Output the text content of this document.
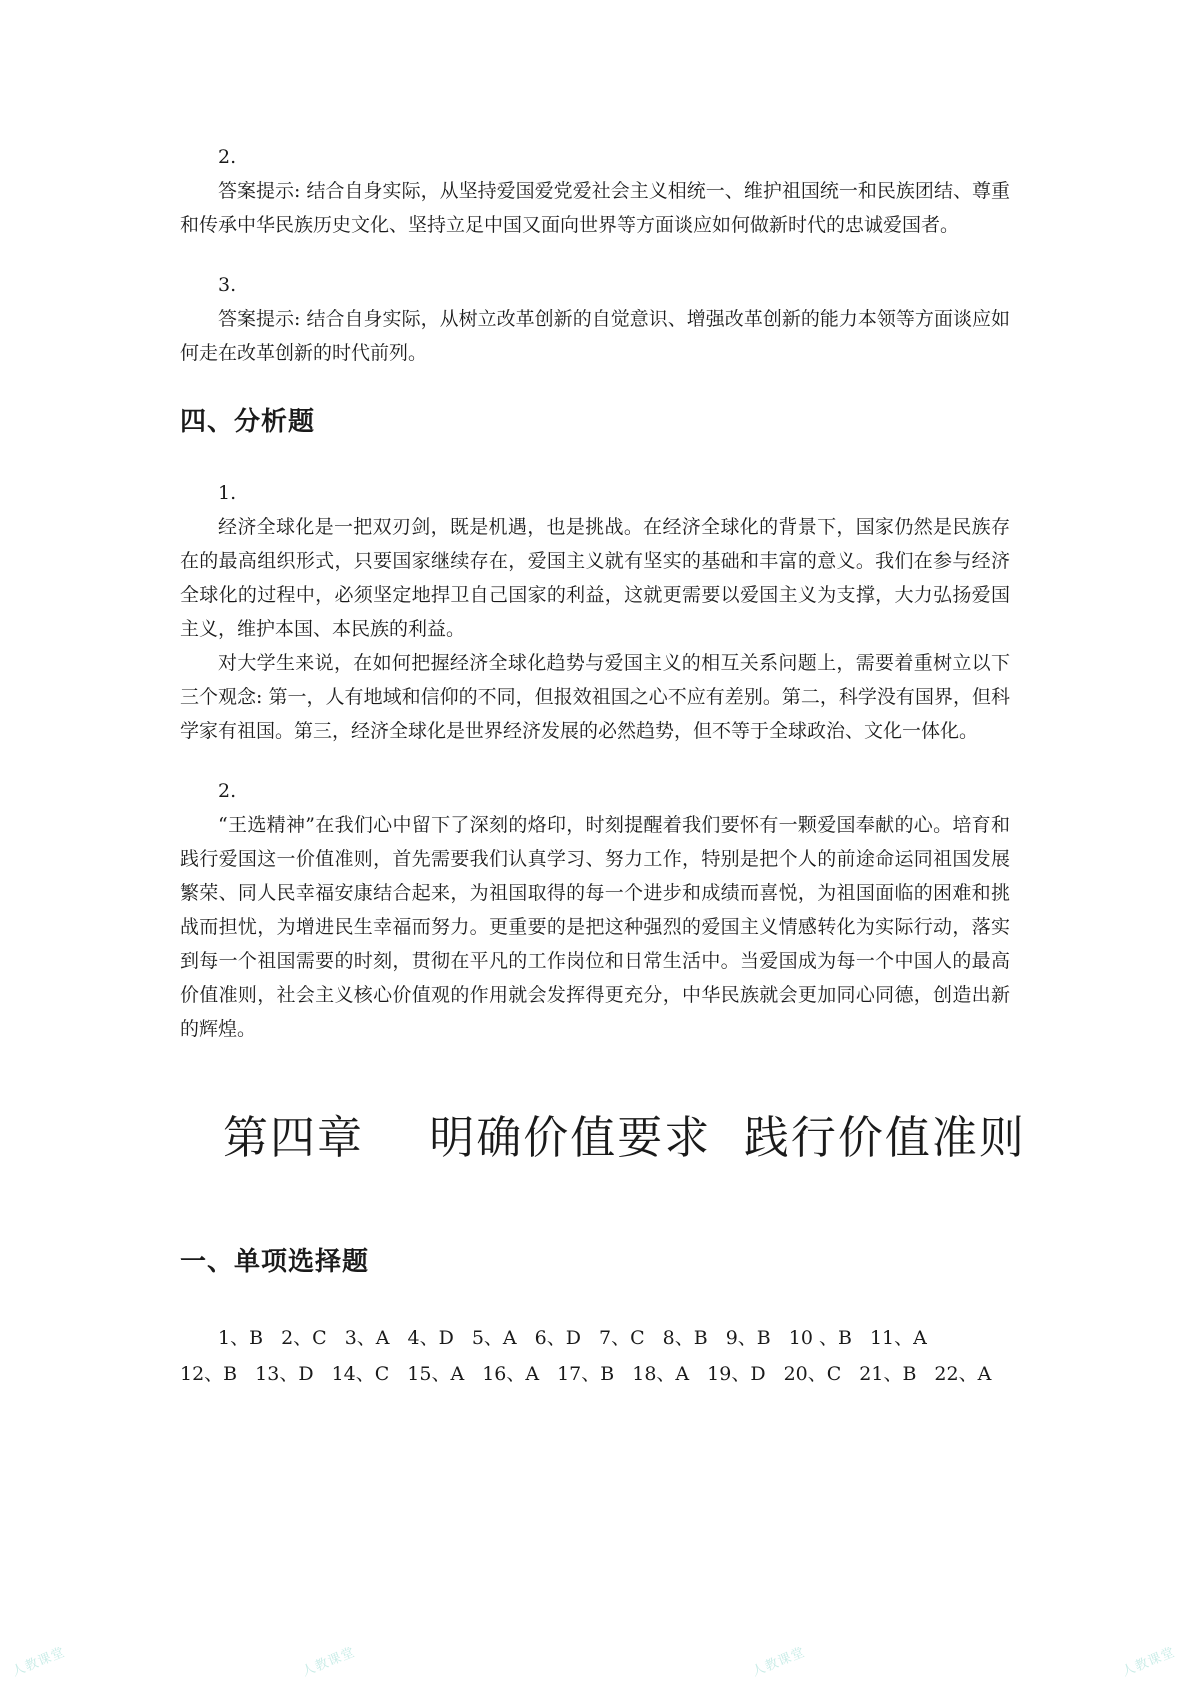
2.

答案提示: 结合自身实际，从坚持爱国爱党爱社会主义相统一、维护祖国统一和民族团结、尊重和传承中华民族历史文化、坚持立足中国又面向世界等方面谈应如何做新时代的忠诚爱国者。

3.

答案提示: 结合自身实际，从树立改革创新的自觉意识、增强改革创新的能力本领等方面谈应如何走在改革创新的时代前列。

四、分析题

1.

经济全球化是一把双刃剑，既是机遇，也是挑战。在经济全球化的背景下，国家仍然是民族存在的最高组织形式，只要国家继续存在，爱国主义就有坚实的基础和丰富的意义。我们在参与经济全球化的过程中，必须坚定地捍卫自己国家的利益，这就更需要以爱国主义为支撑，大力弘扬爱国主义，维护本国、本民族的利益。

对大学生来说，在如何把握经济全球化趋势与爱国主义的相互关系问题上，需要着重树立以下三个观念: 第一，人有地域和信仰的不同，但报效祖国之心不应有差别。第二，科学没有国界，但科学家有祖国。第三，经济全球化是世界经济发展的必然趋势，但不等于全球政治、文化一体化。

2.

“王选精神”在我们心中留下了深刻的烙印，时刻提醒着我们要怀有一颗爱国奉献的心。培育和践行爱国这一价值准则，首先需要我们认真学习、努力工作，特别是把个人的前途命运同祖国发展繁荣、同人民幸福安康结合起来，为祖国取得的每一个进步和成绩而喜悦，为祖国面临的困难和挑战而担忧，为增进民生幸福而努力。更重要的是把这种强烈的爱国主义情感转化为实际行动，落实到每一个祖国需要的时刻，贯彻在平凡的工作岗位和日常生活中。当爱国成为每一个中国人的最高价值准则，社会主义核心价值观的作用就会发挥得更充分，中华民族就会更加同心同德，创造出新的辉煌。

第四章    明确价值要求  践行价值准则
一、单项选择题
1、B 2、C 3、A 4、D 5、A 6、D 7、C 8、B 9、B 10 、B 11、A
12、B 13、D 14、C 15、A 16、A 17、B 18、A 19、D 20、C 21、B 22、A
人教课堂	人教课堂	人教课堂	人教课堂
